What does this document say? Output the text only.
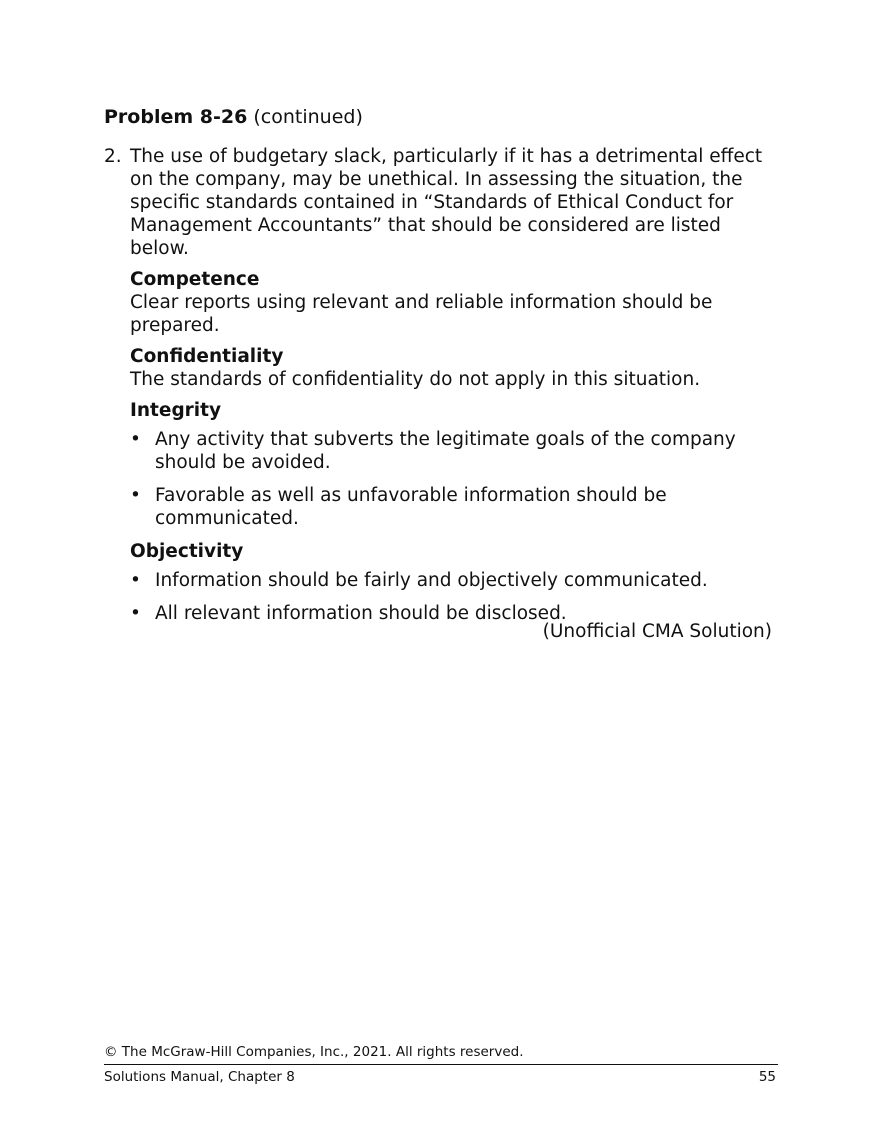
Problem 8-26 (continued)
2. The use of budgetary slack, particularly if it has a detrimental effect on the company, may be unethical. In assessing the situation, the specific standards contained in “Standards of Ethical Conduct for Management Accountants” that should be considered are listed below.

Competence

Clear reports using relevant and reliable information should be prepared.

Confidentiality

The standards of confidentiality do not apply in this situation.

Integrity
• Any activity that subverts the legitimate goals of the company should be avoided.
• Favorable as well as unfavorable information should be communicated.
Objectivity
• Information should be fairly and objectively communicated.
• All relevant information should be disclosed.
(Unofficial CMA Solution)
© The McGraw-Hill Companies, Inc., 2021. All rights reserved.
Solutions Manual, Chapter 8	55
